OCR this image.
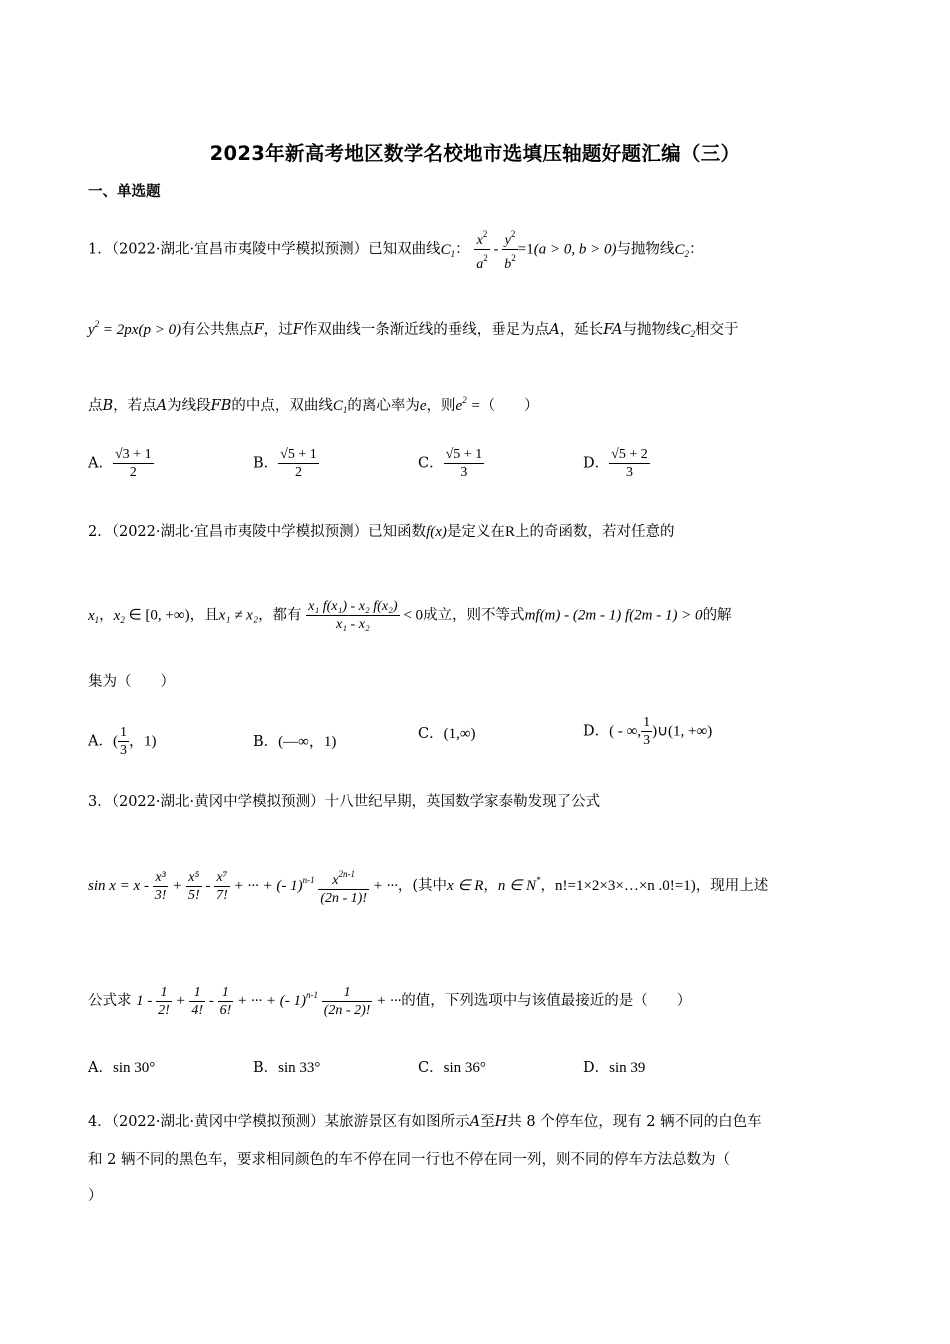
2023年新高考地区数学名校地市选填压轴题好题汇编（三）
一、单选题
1．（2022·湖北·宜昌市夷陵中学模拟预测）已知双曲线$C_1$： $\frac{x^2}{a^2} - \frac{y^2}{b^2} =1(a > 0$, b > 0)与抛物线$C_2$：
$y^2 = 2px(p > 0)$有公共焦点F，过F作双曲线一条渐近线的垂线，垂足为点A，延长FA与抛物线$C_2$相交于
点B，若点A为线段FB的中点，双曲线$C_1$的离心率为e，则$e^2$ =（　　）
A． $\frac{√3 + 1}{2}$	B． $\frac{√5 + 1}{2}$	C． $\frac{√5 + 1}{3}$	D． $\frac{√5 + 2}{3}$
2．（2022·湖北·宜昌市夷陵中学模拟预测）已知函数f(x)是定义在R上的奇函数，若对任意的
$x_1$，$x_2$ ∈ [0, +∞)，且x₁ ≠ x₂，都有 $\frac{\text{x₁ f(x₁) - x₂ f(x₂)}}{\text{x₁ - x₂}} < 0$成立，则不等式mf(m) - (2m - 1) f(2m - 1) > 0的解
集为（　　）
A．( $\frac{1}{3}$ ，1)	B．(—∞，1)	C．(1,∞)	D．( - ∞, $\frac{1}{3}$ )∪(1, +∞)
3．（2022·湖北·黄冈中学模拟预测）十八世纪早期，英国数学家泰勒发现了公式
$\sin x = x - \frac{\text{x³}}{3!} + \frac{\text{x⁵}}{5!} - \frac{\text{x⁷}}{7!}$ + ··· + (- $1)^{n-1} \frac{x^{2n-1}}{(2n - 1)!}$ + ···，(其中x ∈ R，n ∈ N*，n!=1×2×3×…×n .0!=1)，现用上述
公式求 $1 - \frac{1}{2!} + \frac{1}{4!} - \frac{1}{6!}$ + ··· + (- $1)^{n-1} \frac{1}{(2n - 2)!}$ + ···的值，下列选项中与该值最接近的是（　　）
A．sin 30°	B．sin 33°	C．sin 36°	D．sin 39
4．（2022·湖北·黄冈中学模拟预测）某旅游景区有如图所示A至H共 8 个停车位，现有 2 辆不同的白色车
和 2 辆不同的黑色车，要求相同颜色的车不停在同一行也不停在同一列，则不同的停车方法总数为（
）
